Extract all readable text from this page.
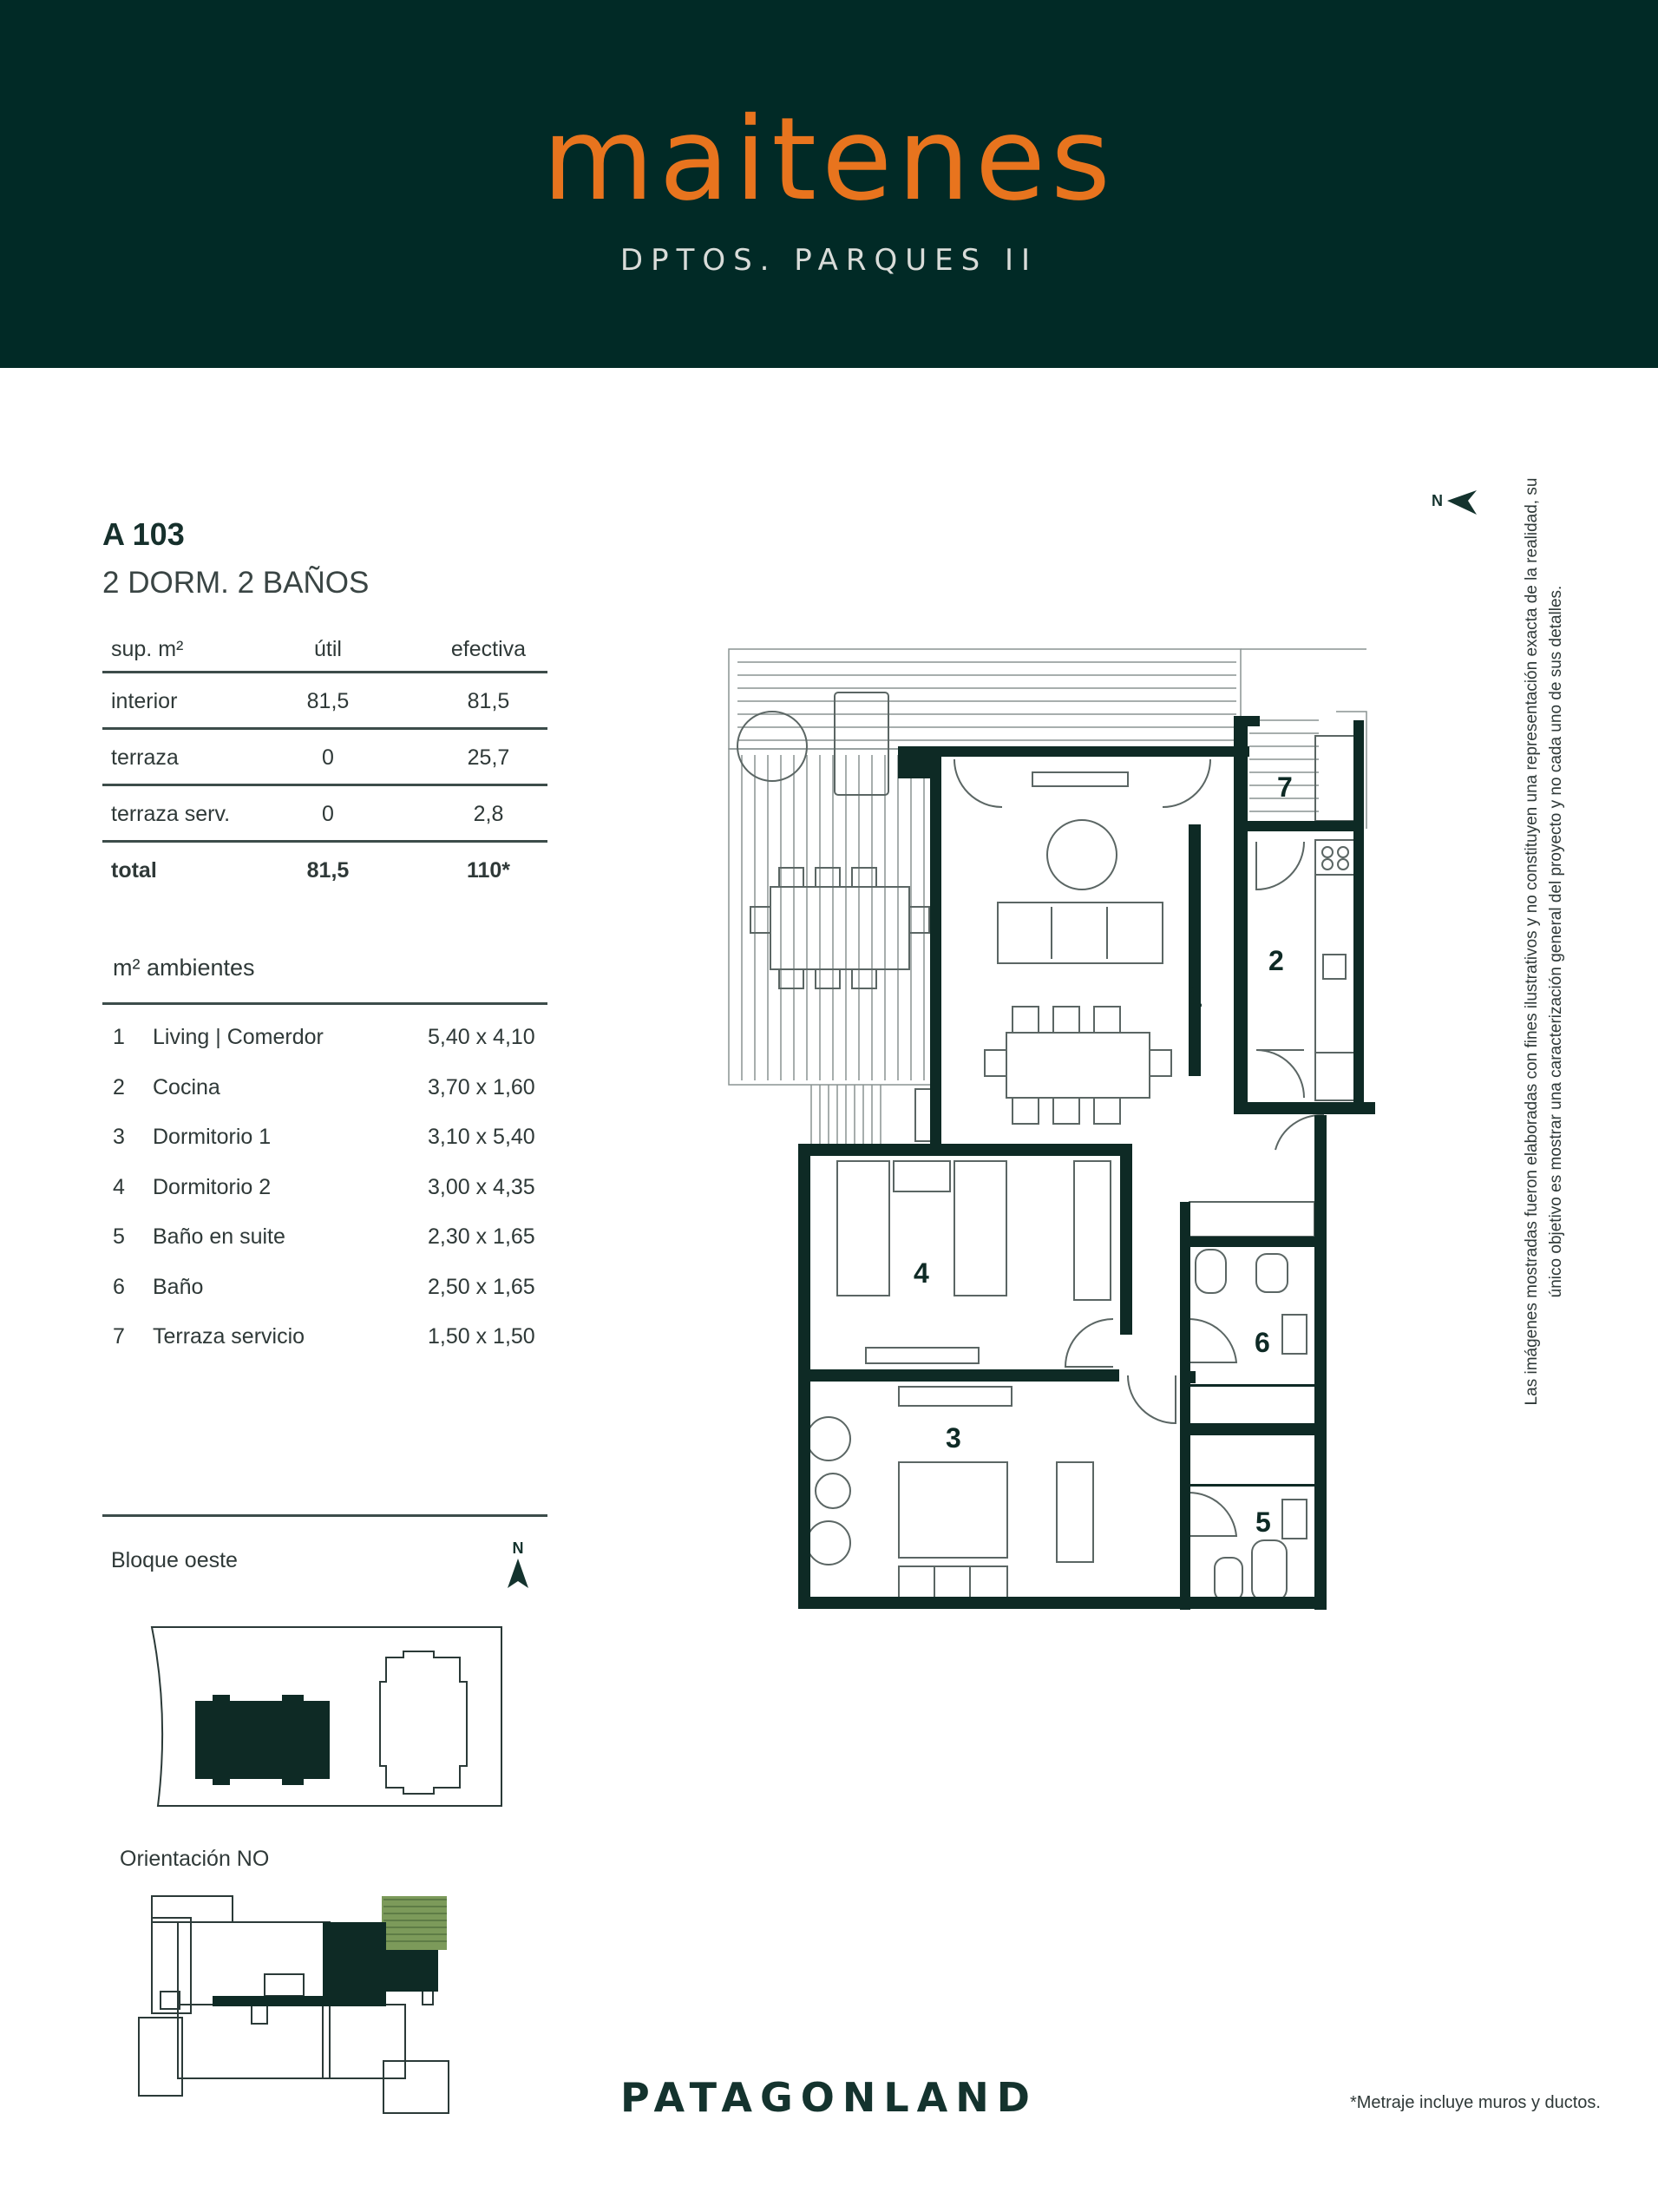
maitenes
DPTOS. PARQUES II
A 103
2 DORM. 2 BAÑOS
sup. m²	útil	efectiva
interior	81,5	81,5
terraza	0	25,7
terraza serv.	0	2,8
total	81,5	110*
m² ambientes
1 Living | Comerdor	5,40 x 4,10
2 Cocina	3,70 x 1,60
3 Dormitorio 1	3,10 x 5,40
4 Dormitorio 2	3,00 x 4,35
5 Baño en suite	2,30 x 1,65
6 Baño	2,50 x 1,65
7 Terraza servicio	1,50 x 1,50
Bloque oeste	N
Orientación NO
N
1
2
3
4
5
6
7	Las imágenes mostradas fueron elaboradas con fines ilustrativos y no constituyen una representación exacta de la realidad, su único objetivo es mostrar una caracterización general del proyecto y no cada uno de sus detalles.
PATAGONLAND	*Metraje incluye muros y ductos.
